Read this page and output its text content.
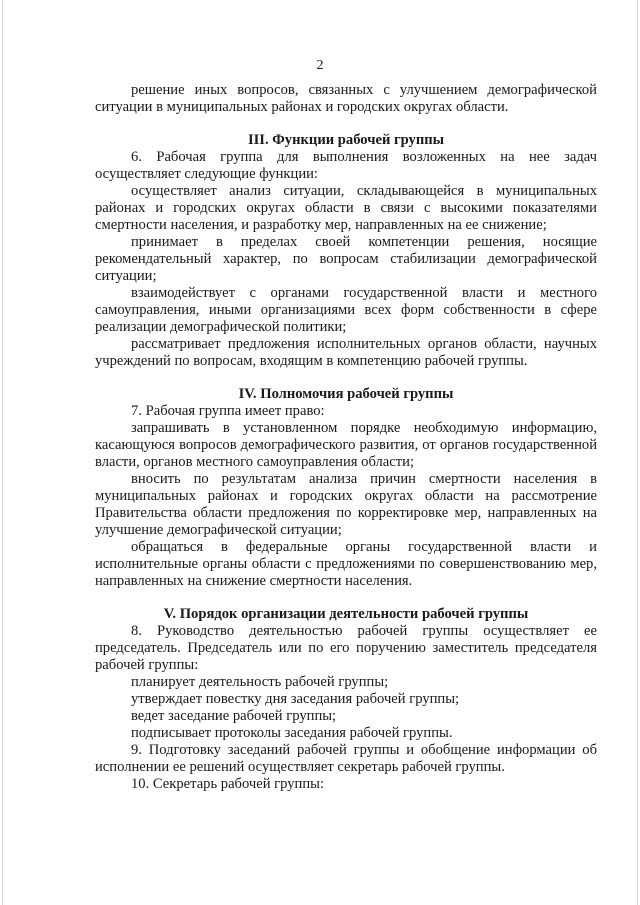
2

решение иных вопросов, связанных с улучшением демографической ситуации в муниципальных районах и городских округах области.

III. Функции рабочей группы

6. Рабочая группа для выполнения возложенных на нее задач осуществляет следующие функции:

осуществляет анализ ситуации, складывающейся в муниципальных районах и городских округах области в связи с высокими показателями смертности населения, и разработку мер, направленных на ее снижение;

принимает в пределах своей компетенции решения, носящие рекомендательный характер, по вопросам стабилизации демографической ситуации;

взаимодействует с органами государственной власти и местного самоуправления, иными организациями всех форм собственности в сфере реализации демографической политики;

рассматривает предложения исполнительных органов области, научных учреждений по вопросам, входящим в компетенцию рабочей группы.

IV. Полномочия рабочей группы

7. Рабочая группа имеет право:

запрашивать в установленном порядке необходимую информацию, касающуюся вопросов демографического развития, от органов государственной власти, органов местного самоуправления области;

вносить по результатам анализа причин смертности населения в муниципальных районах и городских округах области на рассмотрение Правительства области предложения по корректировке мер, направленных на улучшение демографической ситуации;

обращаться в федеральные органы государственной власти и исполнительные органы области с предложениями по совершенствованию мер, направленных на снижение смертности населения.

V. Порядок организации деятельности рабочей группы

8. Руководство деятельностью рабочей группы осуществляет ее председатель. Председатель или по его поручению заместитель председателя рабочей группы:

планирует деятельность рабочей группы;

утверждает повестку дня заседания рабочей группы;

ведет заседание рабочей группы;

подписывает протоколы заседания рабочей группы.

9. Подготовку заседаний рабочей группы и обобщение информации об исполнении ее решений осуществляет секретарь рабочей группы.

10. Секретарь рабочей группы:
